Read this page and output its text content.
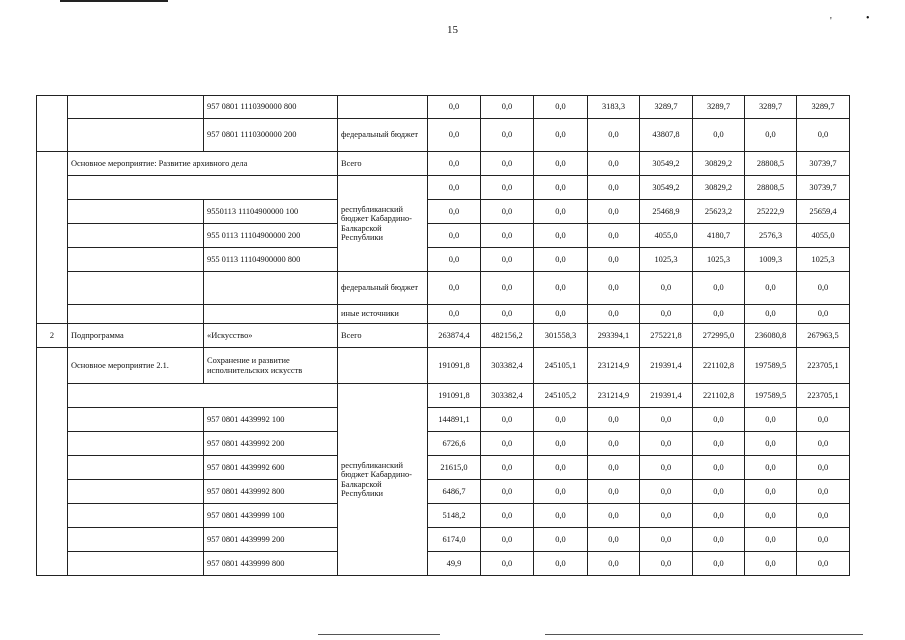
15
'	•
		957 0801 1110390000 800		0,0	0,0	0,0	3183,3	3289,7	3289,7	3289,7	3289,7
		957 0801 1110300000 200	федеральный бюджет	0,0	0,0	0,0	0,0	43807,8	0,0	0,0	0,0
	Основное мероприятие: Развитие архивного дела		Всего	0,0	0,0	0,0	0,0	30549,2	30829,2	28808,5	30739,7
			республиканский бюджет Кабардино-Балкарской Республики	0,0	0,0	0,0	0,0	30549,2	30829,2	28808,5	30739,7
		9550113 11104900000 100		0,0	0,0	0,0	0,0	25468,9	25623,2	25222,9	25659,4
		955 0113 11104900000 200		0,0	0,0	0,0	0,0	4055,0	4180,7	2576,3	4055,0
		955 0113 11104900000 800		0,0	0,0	0,0	0,0	1025,3	1025,3	1009,3	1025,3
			федеральный бюджет	0,0	0,0	0,0	0,0	0,0	0,0	0,0	0,0
			иные источники	0,0	0,0	0,0	0,0	0,0	0,0	0,0	0,0
2	Подпрограмма	«Искусство»	Всего	263874,4	482156,2	301558,3	293394,1	275221,8	272995,0	236080,8	267963,5
	Основное мероприятие 2.1.	Сохранение и развитие исполнительских искусств		191091,8	303382,4	245105,1	231214,9	219391,4	221102,8	197589,5	223705,1
			республиканский бюджет Кабардино-Балкарской Республики	191091,8	303382,4	245105,2	231214,9	219391,4	221102,8	197589,5	223705,1
		957 0801 4439992 100		144891,1	0,0	0,0	0,0	0,0	0,0	0,0	0,0
		957 0801 4439992 200		6726,6	0,0	0,0	0,0	0,0	0,0	0,0	0,0
		957 0801 4439992 600		21615,0	0,0	0,0	0,0	0,0	0,0	0,0	0,0
		957 0801 4439992 800		6486,7	0,0	0,0	0,0	0,0	0,0	0,0	0,0
		957 0801 4439999 100		5148,2	0,0	0,0	0,0	0,0	0,0	0,0	0,0
		957 0801 4439999 200		6174,0	0,0	0,0	0,0	0,0	0,0	0,0	0,0
		957 0801 4439999 800		49,9	0,0	0,0	0,0	0,0	0,0	0,0	0,0
